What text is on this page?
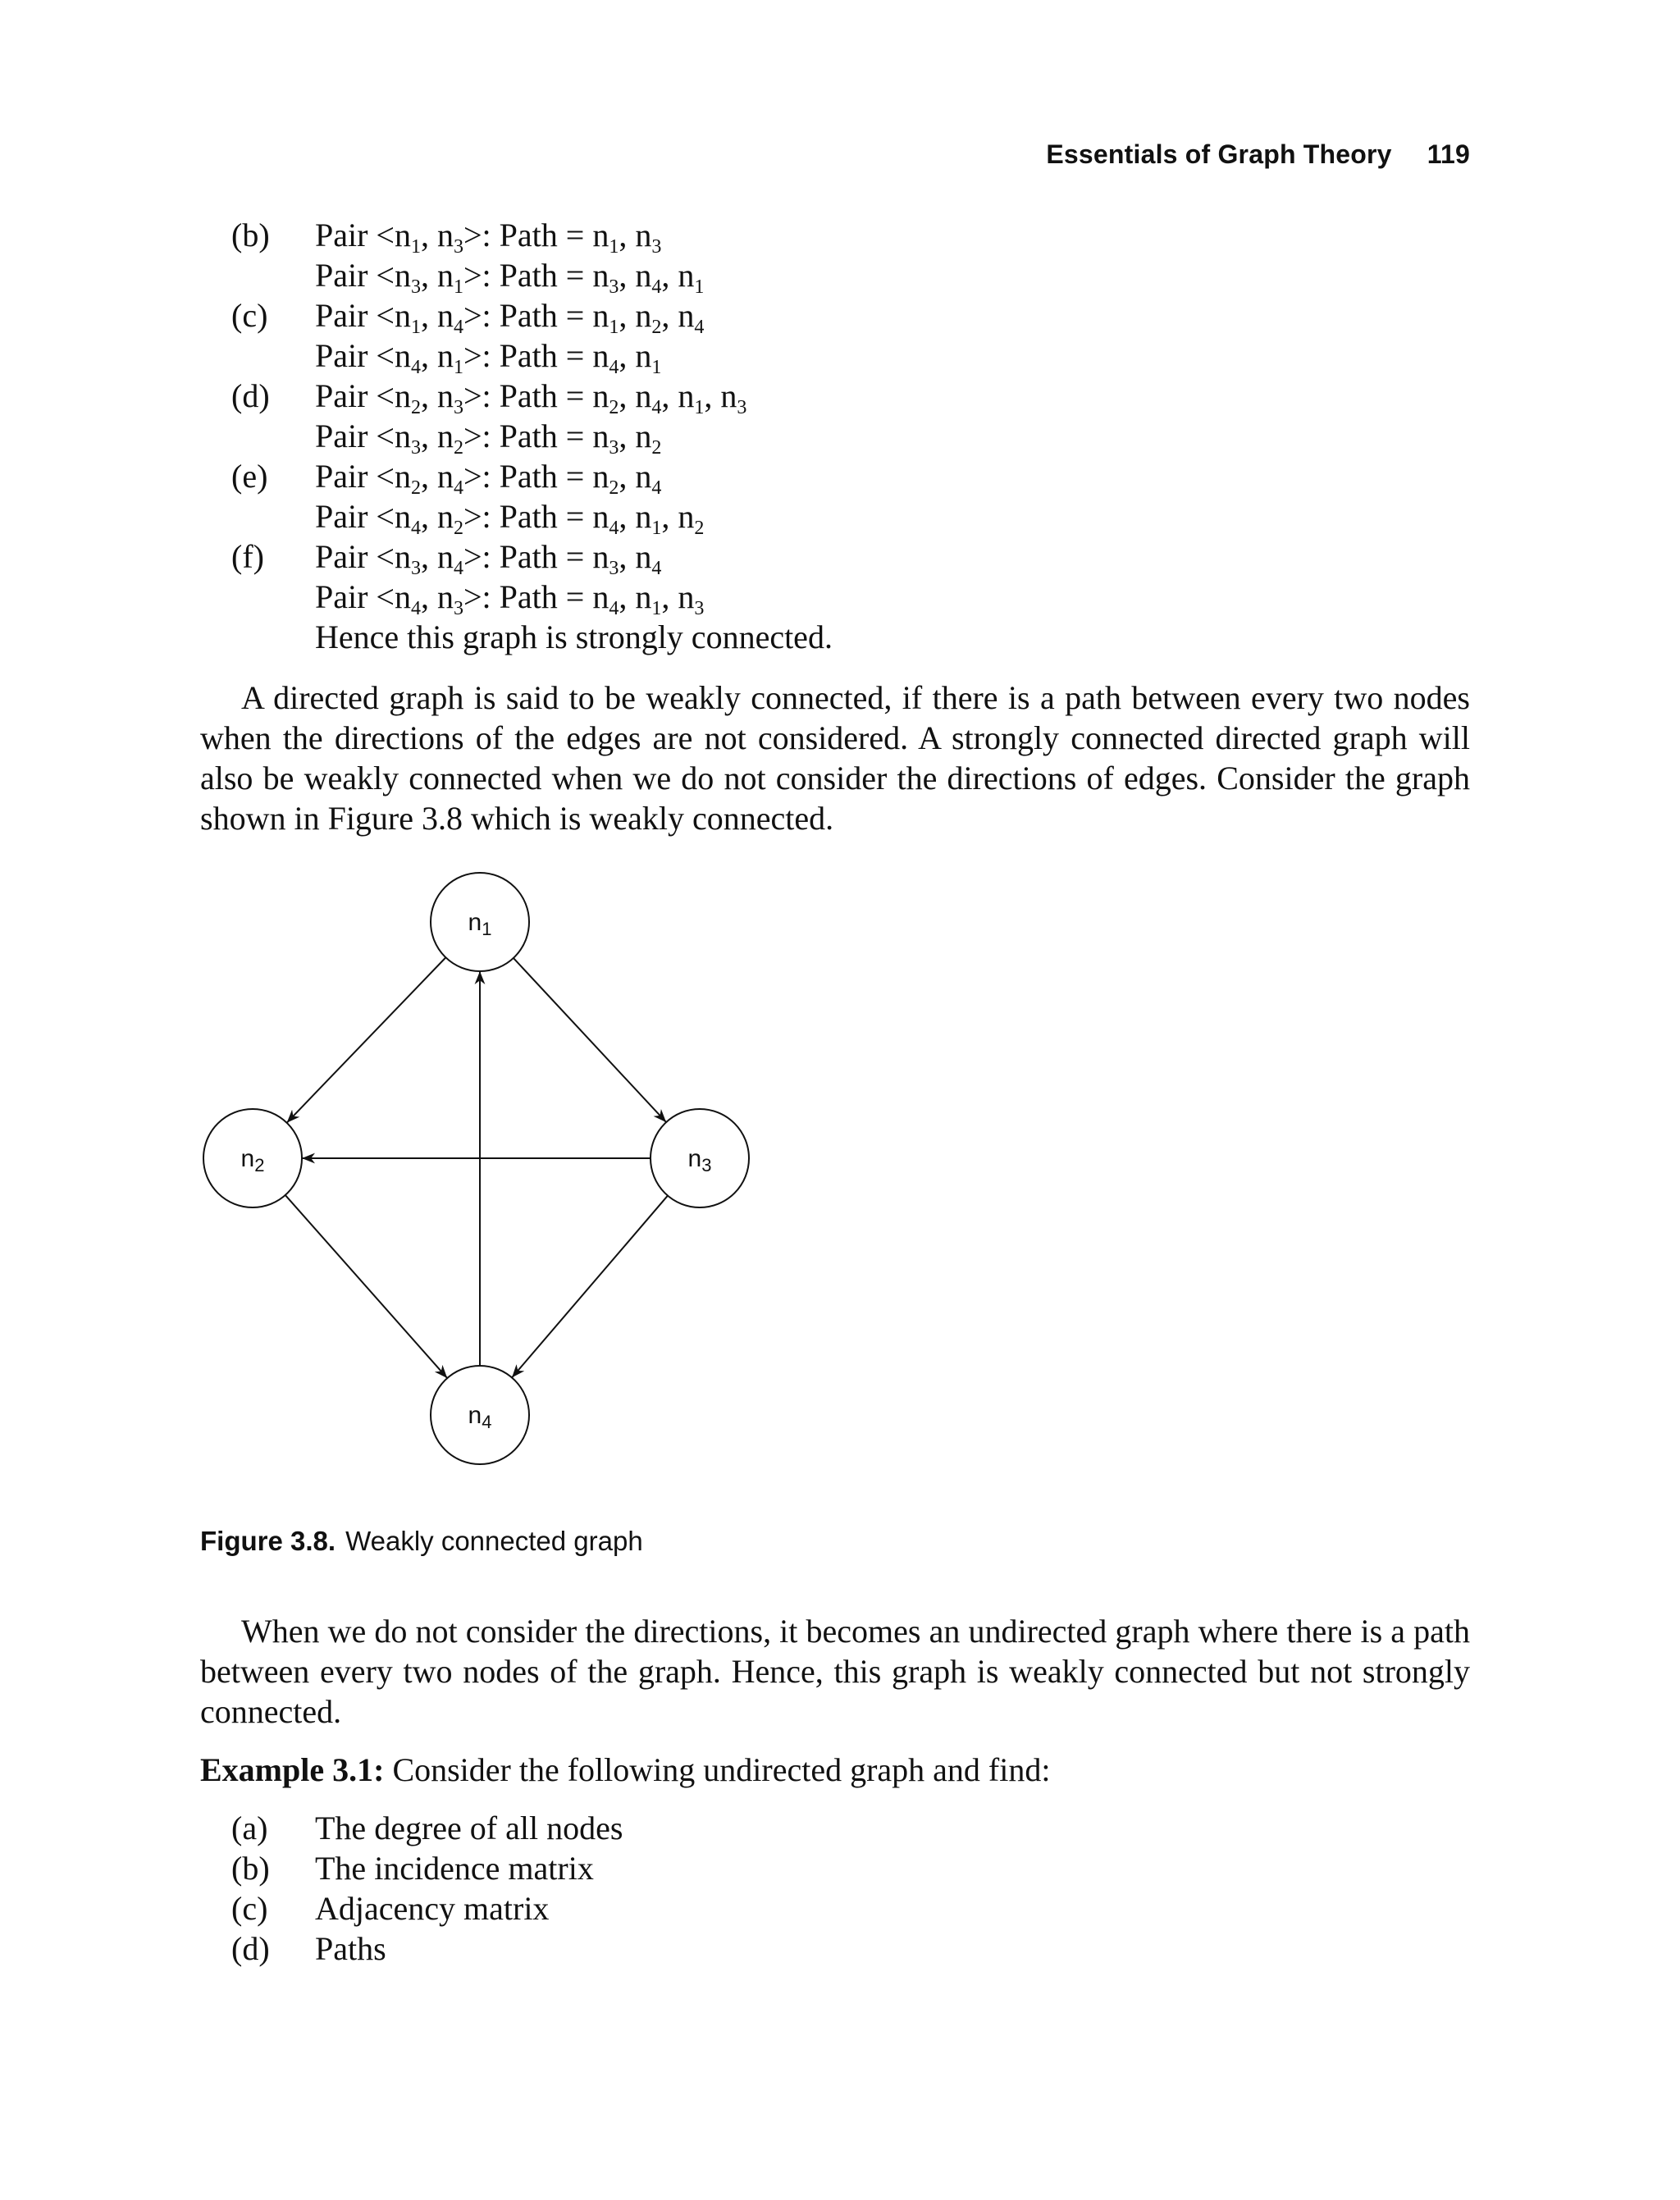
Essentials of Graph Theory 119
(b)	Pair $<n_1$, $n_3>$: Path = $n_1$, $n_3$
Pair $<n_3$, $n_1>$: Path = $n_3$, $n_4$, $n_1$
(c)	Pair $<n_1$, $n_4>$: Path = $n_1$, $n_2$, $n_4$
Pair $<n_4$, $n_1>$: Path = $n_4$, $n_1$
(d)	Pair $<n_2$, $n_3>$: Path = $n_2$, $n_4$, $n_1$, $n_3$
Pair $<n_3$, $n_2>$: Path = $n_3$, $n_2$
(e)	Pair $<n_2$, $n_4>$: Path = $n_2$, $n_4$
Pair $<n_4$, $n_2>$: Path = $n_4$, $n_1$, $n_2$
(f)	Pair $<n_3$, $n_4>$: Path = $n_3$, $n_4$
Pair $<n_4$, $n_3>$: Path = $n_4$, $n_1$, $n_3$
Hence this graph is strongly connected.

A directed graph is said to be weakly connected, if there is a path between every two nodes when the directions of the edges are not considered. A strongly connected directed graph will also be weakly connected when we do not consider the directions of edges. Consider the graph shown in Figure 3.8 which is weakly connected.

$n_1$
$n_2$	$n_3$
$n_4$
Figure 3.8. Weakly connected graph

When we do not consider the directions, it becomes an undirected graph where there is a path between every two nodes of the graph. Hence, this graph is weakly connected but not strongly connected.

Example 3.1: Consider the following undirected graph and find:
(a) The degree of all nodes
(b) The incidence matrix
(c) Adjacency matrix
(d) Paths
